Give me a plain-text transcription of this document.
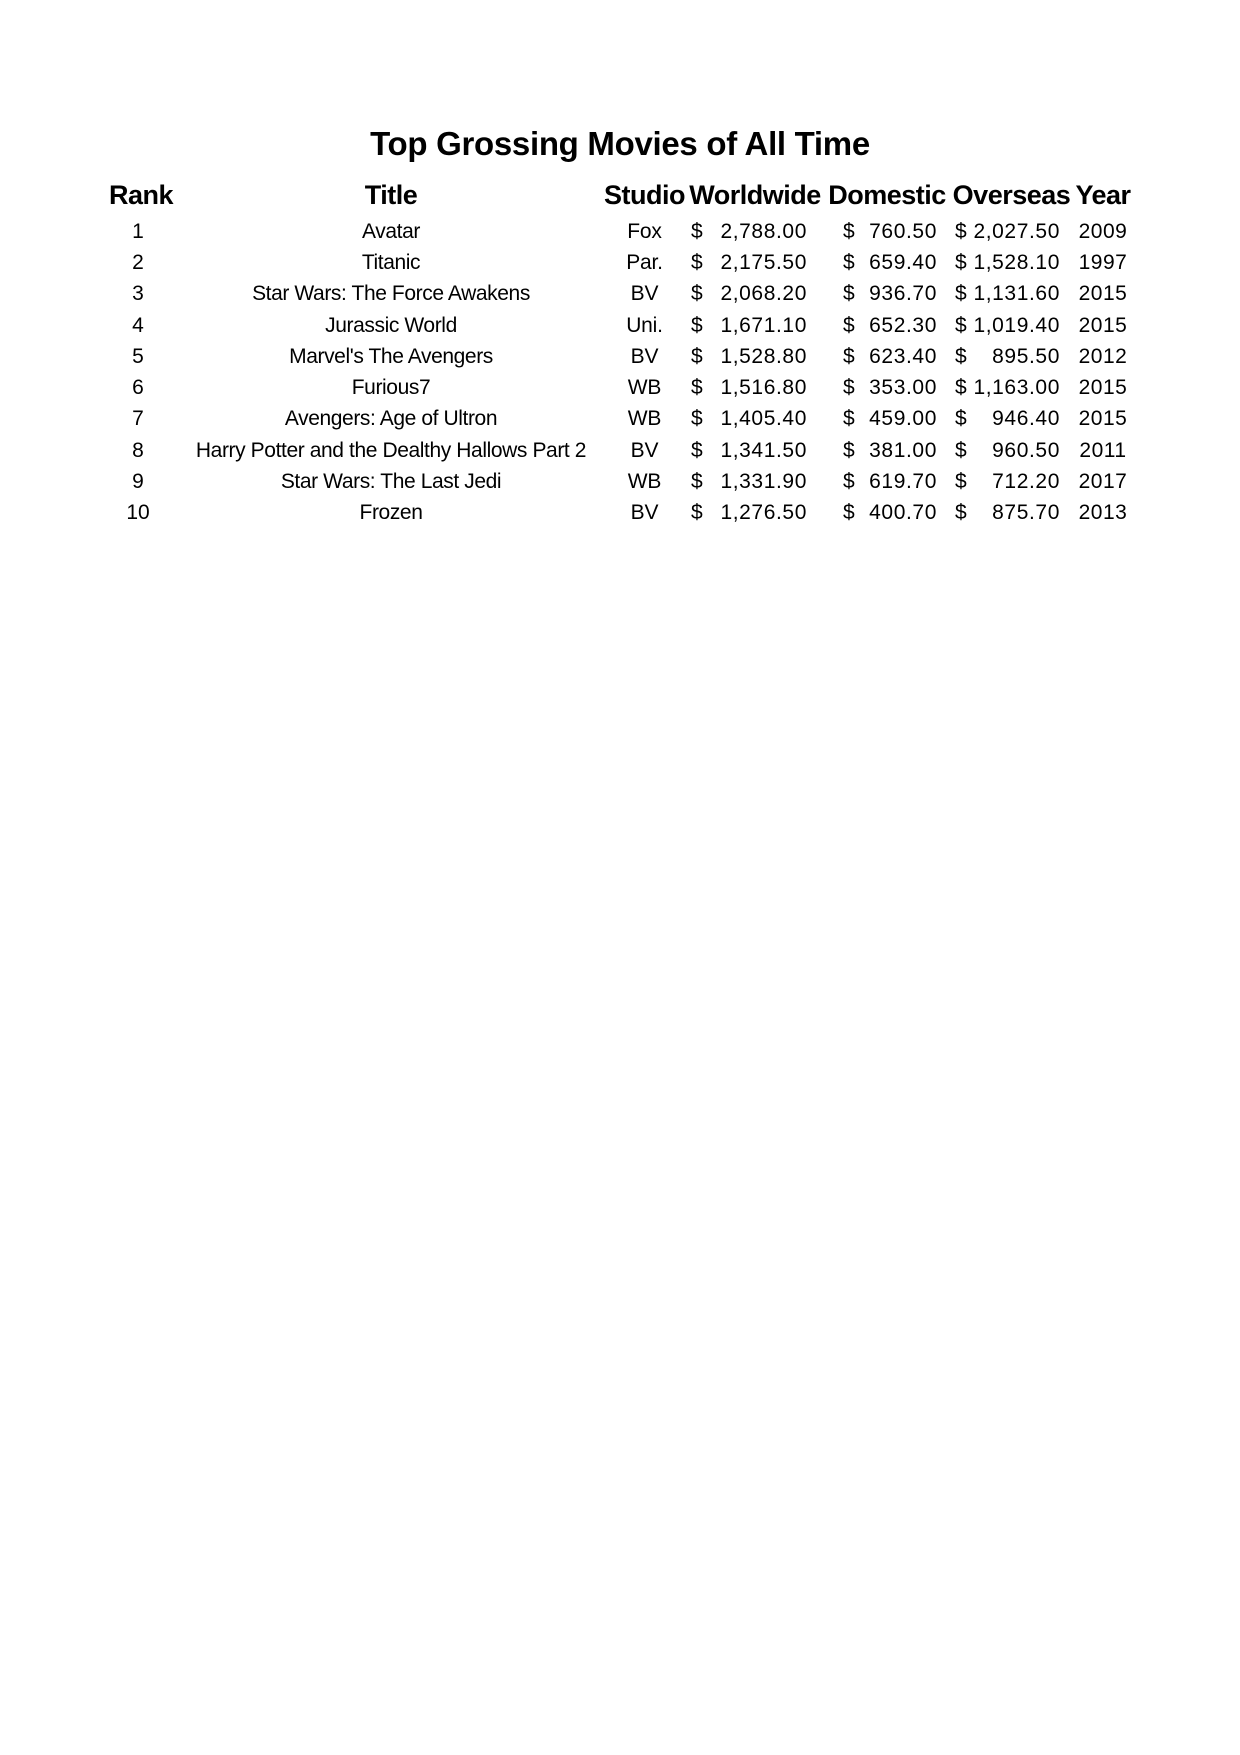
Top Grossing Movies of All Time
Rank	Title	Studio	Worldwide	Domestic	Overseas	Year
1	Avatar	Fox	$ 2,788.00	$ 760.50	$ 2,027.50	2009
2	Titanic	Par.	$ 2,175.50	$ 659.40	$ 1,528.10	1997
3	Star Wars: The Force Awakens	BV	$ 2,068.20	$ 936.70	$ 1,131.60	2015
4	Jurassic World	Uni.	$ 1,671.10	$ 652.30	$ 1,019.40	2015
5	Marvel's The Avengers	BV	$ 1,528.80	$ 623.40	$ 895.50	2012
6	Furious7	WB	$ 1,516.80	$ 353.00	$ 1,163.00	2015
7	Avengers: Age of Ultron	WB	$ 1,405.40	$ 459.00	$ 946.40	2015
8	Harry Potter and the Dealthy Hallows Part 2	BV	$ 1,341.50	$ 381.00	$ 960.50	2011
9	Star Wars: The Last Jedi	WB	$ 1,331.90	$ 619.70	$ 712.20	2017
10	Frozen	BV	$ 1,276.50	$ 400.70	$ 875.70	2013
